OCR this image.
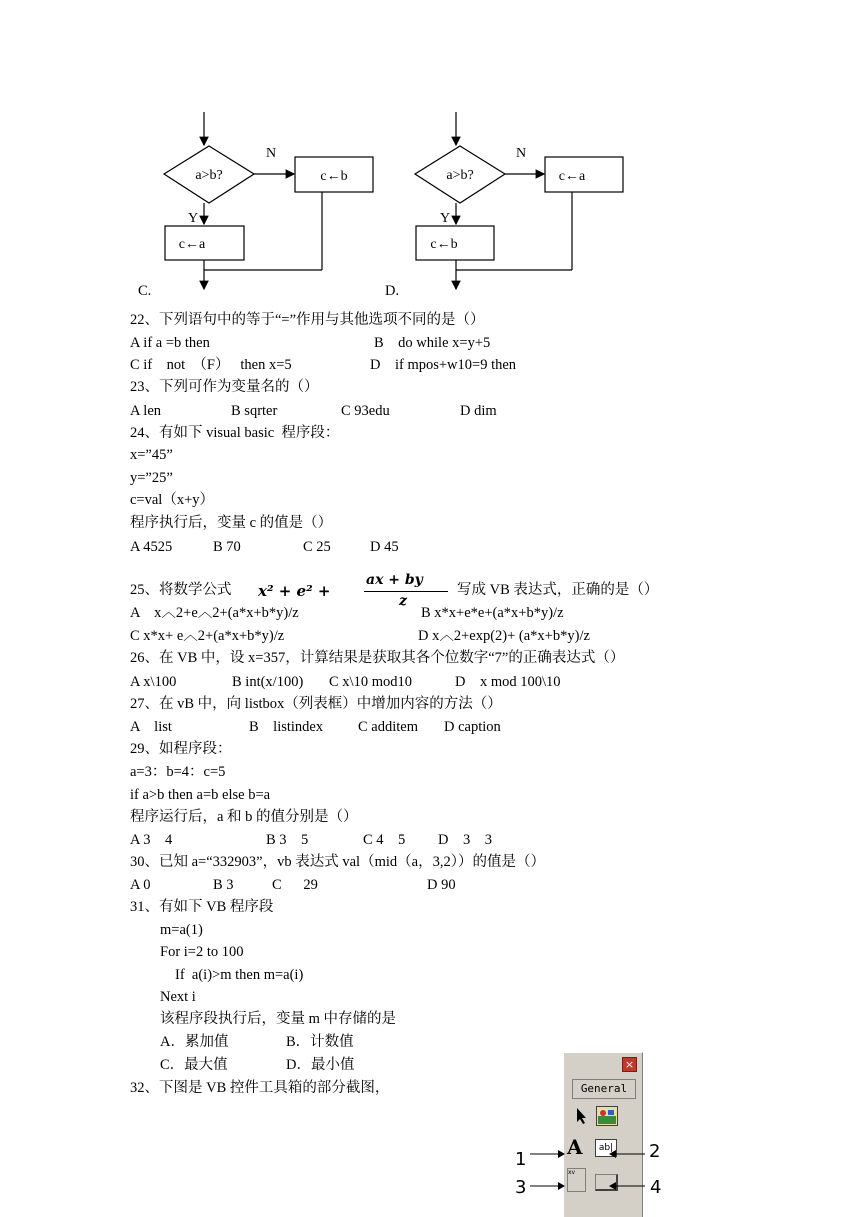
a>b?
N
c←b
Y
c←a
a>b?
N
c←a
Y
c←b
C.	D.
22、下列语句中的等于“=”作用与其他选项不同的是（）
A if a =b then	B    do while x=y+5
C if    not  （F）   then x=5	D    if mpos+w10=9 then
23、下列可作为变量名的（）
A len	B sqrter	C 93edu	D dim
24、有如下 visual basic  程序段：
x=”45”
y=”25”
c=val（x+y）
程序执行后，变量 c 的值是（）
A 4525	B 70	C 25	D 45
25、将数学公式 x² + e² +
ax + by
z
写成 VB 表达式，正确的是（）
A    x︿2+e︿2+(a*x+b*y)/z	B x*x+e*e+(a*x+b*y)/z
C x*x+ e︿2+(a*x+b*y)/z	D x︿2+exp(2)+ (a*x+b*y)/z
26、在 VB 中，设 x=357，计算结果是获取其各个位数字“7”的正确表达式（）
A x\100	B int(x/100) C x\10 mod10	D    x mod 100\10
27、在 vB 中，向 listbox（列表框）中增加内容的方法（）
A    list	B    listindex C additem D caption
29、如程序段：
a=3：b=4：c=5
if a>b then a=b else b=a
程序运行后，a 和 b 的值分别是（）
A 3    4	B 3    5	C 4    5 D    3    3
30、已知 a=“332903”，vb 表达式 val（mid（a，3,2））的值是（）
A 0	B 3	C      29	D 90
31、有如下 VB 程序段
m=a(1)
For i=2 to 100
If  a(i)>m then m=a(i)
Next i
该程序段执行后，变量 m 中存储的是
A．累加值	B．计数值
C．最大值	D．最小值
32、下图是 VB 控件工具箱的部分截图，
×
General
A	ab|
xv
1	2
3	4
